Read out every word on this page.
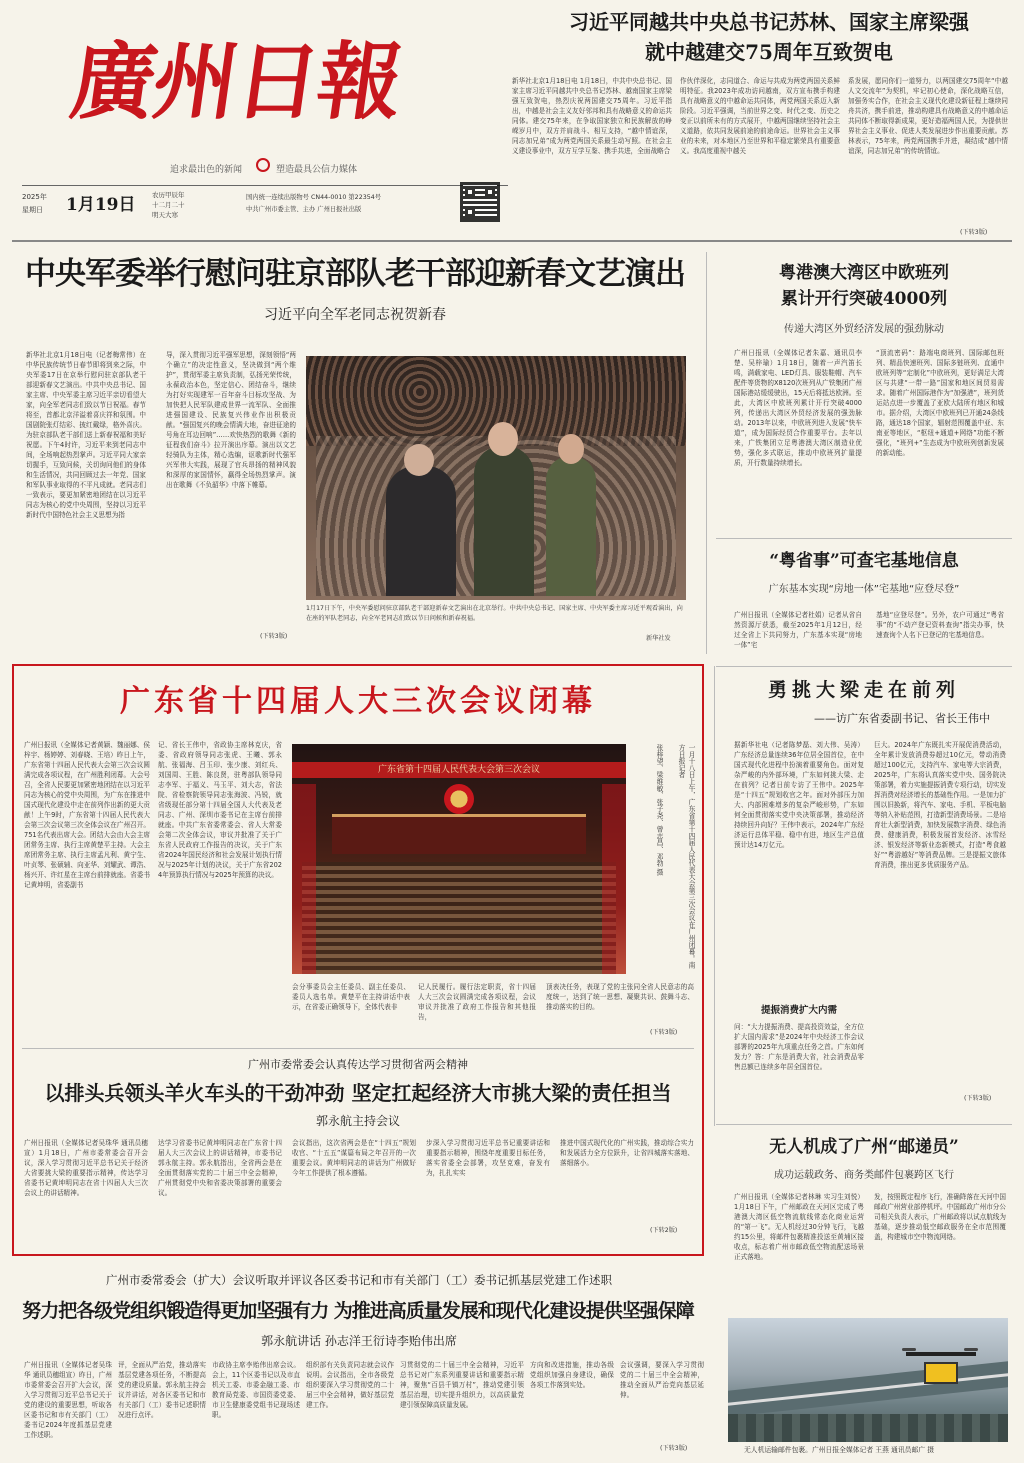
廣州日報
追求最出色的新闻	塑造最具公信力媒体
2025年
星期日 1月19日	农历甲辰年
十二月二十
明天大寒
国内统一连续出版物号 CN44-0010 第22354号
中共广州市委主管、主办 广州日报社出版
习近平同越共中央总书记苏林、国家主席梁强
就中越建交75周年互致贺电
新华社北京1月18日电 1月18日，中共中央总书记、国家主席习近平同越共中央总书记苏林、越南国家主席梁强互致贺电，热烈庆祝两国建交75周年。习近平指出，中越是社会主义友好邻邦和具有战略意义的命运共同体。建交75年来，在争取国家独立和民族解放的峥嵘岁月中，双方并肩战斗、相互支持，“越中情谊深，同志加兄弟”成为两党两国关系最生动写照。在社会主义建设事业中，双方互学互鉴、携手共进，全面战略合
作伙伴深化，志同道合、命运与共成为两党两国关系鲜明特征。我2023年成功访问越南，双方宣布携手构建具有战略意义的中越命运共同体，两党两国关系迈入新阶段。习近平强调，当前世界之变、时代之变、历史之变正以前所未有的方式展开，中越两国继续坚持社会主义道路，依共同发展前途的前途命运。世界社会主义事业的未来，对本地区乃至世界和平稳定繁荣具有重要意义。我高度重视中越关
系发展，愿同你们一道努力，以两国建交75周年“中越人文交流年”为契机，牢记初心使命，深化战略互信，加强务实合作，在社会主义现代化建设新征程上继续同舟共济，携手前进，推动构建具有战略意义的中越命运共同体不断取得新成果，更好造福两国人民，为提供世界社会主义事业、促进人类发展进步作出重要贡献。苏林表示，75年来，两党两国携手并进，凝结成“越中情谊深，同志加兄弟”的传统情谊。
(下转3版)
中央军委举行慰问驻京部队老干部迎新春文艺演出
习近平向全军老同志祝贺新春
新华社北京1月18日电（记者梅常伟）在中华民族传统节日春节即将到来之际，中央军委17日在京举行慰问驻京部队老干部迎新春文艺演出。中共中央总书记、国家主席、中央军委主席习近平亲切看望大家，向全军老同志们致以节日祝福。春节将至，首都北京洋溢着喜庆祥和氛围。中国剧院张灯结彩、披红戴绿，格外喜庆。为驻京部队老干部们送上新春祝福和美好祝愿。下午4时许，习近平来到老同志中间，全场响起热烈掌声。习近平同大家亲切握手，互致问候，关切询问他们的身体和生活情况，共同回顾过去一年党、国家和军队事业取得的不平凡成就。老同志们一致表示，要更加紧密地团结在以习近平同志为核心的党中央周围，坚持以习近平新时代中国特色社会主义思想为指
导，深入贯彻习近平强军思想，深刻领悟“两个确立”的决定性意义，坚决做到“两个维护”，贯彻军委主席负责制，弘扬光荣传统，永葆政治本色，坚定信心、团结奋斗，继续为打好实现建军一百年奋斗目标攻坚战、为加快把人民军队建成世界一流军队、全面推进强国建设、民族复兴伟业作出积极贡献。“强国复兴的晚会情满大地，奋进征途的号角在耳边回响”……欢快热烈的歌舞《新的征程我们奋斗》拉开演出序幕。演出以文艺轻骑队为主体，精心选编，讴歌新时代强军兴军伟大实践，展现了官兵昂扬的精神风貌和深厚的家国情怀，赢得全场热烈掌声。演出在歌舞《不负韶华》中落下帷幕。
(下转3版)
1月17日下午，中央军委慰问驻京部队老干部迎新春文艺演出在北京举行。中共中央总书记、国家主席、中央军委主席习近平观看演出，向在座的军队老同志，向全军老同志们致以节日问候和新春祝福。
新华社发
粤港澳大湾区中欧班列
累计开行突破4000列
传递大湾区外贸经济发展的强劲脉动
广州日报讯（全媒体记者朱嘉、通讯员李楚、吴梓瑜）1月18日，随着一声汽笛长鸣，满载家电、LED灯具、服装鞋帽、汽车配件等货物的X8120次班列从广铁集团广州国际港站缓缓驶出，15天后将抵达欧洲。至此，大湾区中欧班列累计开行突破4000列，传递出大湾区外贸经济发展的强劲脉动。2013年以来，中欧班列进入发展“快车道”，成为国际经贸合作重要平台。去年以来，广铁集团立足粤港澳大湾区制造业优势，强化多式联运，推动中欧班列扩量提质，开行数量持续增长。
“顶流密码”：路端电商班列、国际邮包班列、精品快速班列、国际多链班列、直通中欧班列等“定制化”中欧班列，更好满足大湾区与共建“一带一路”国家和地区间贸易需求。随着广州国际港作为“加强港”，班列货运站点进一步覆盖了亚欧大陆所有地区和城市。据介绍，大湾区中欧班列已开通24条线路，通达18个国家，辐射范围覆盖中亚、东南亚等地区，“枢纽+通道+网络”功能不断强化，“班列+”生态成为中欧班列创新发展的新动能。
“粤省事”可查宅基地信息
广东基本实现“房地一体”宅基地“应登尽登”
广州日报讯（全媒体记者杜娟）记者从省自然资源厅获悉，截至2025年1月12日，经过全省上下共同努力，广东基本实现“房地一体”宅
基地“应登尽登”。另外，农户可通过“粤省事”的“不动产登记资料查询”指尖办事，快速查询个人名下已登记的宅基地信息。
广东省十四届人大三次会议闭幕
广州日报讯（全媒体记者黄颖、魏丽娜、侯梓宇、杨婷婷、刘春晓、王培）昨日上午，广东省第十四届人民代表大会第三次会议圆满完成各项议程，在广州胜利闭幕。大会号召，全省人民要更加紧密地团结在以习近平同志为核心的党中央周围，为广东在推进中国式现代化建设中走在前列作出新的更大贡献！上午9时，广东省第十四届人民代表大会第三次会议第三次全体会议在广州召开。751名代表出席大会。团结大会由大会主席团常务主席、执行主席黄楚平主持。大会主席团常务主席、执行主席孟凡利、黄宁生、叶贞琴、张硕辅、向亚华、刘耀武、谭浩、杨兴开、许红星在主席台前排就座。省委书记黄坤明，省委副书
记、省长王伟中，省政协主席林克庆，省委、省政府领导同志张虎、王曦、郭永航、张福海、吕玉印、张少康、刘红兵、刘国周、王胜、陈良贤，驻粤部队领导同志李军、于福义、马玉平、刘大志，省法院、省检察院领导同志张海波、冯锐，就省级现任部分第十四届全国人大代表及老同志、广州、深圳市委书记在主席台前排就座。中共广东省委常委会、省人大常委会第二次全体会议，审议并批准了关于广东省人民政府工作报告的决议，关于广东省2024年国民经济和社会发展计划执行情况与2025年计划的决议，关于广东省2024年预算执行情况与2025年预算的决议。
广东省第十四届人民代表大会第三次会议	一月十八日上午，广东省第十四届人民代表大会第三次会议在广州闭幕。南方日报记者
张梓望、梁维敏、张子尧、曾志昌、邓勃 摄
会分事委员会主任委员、副主任委员、委员人选名单。黄楚平在主持讲话中表示，在省委正确领导下，全体代表非
记人民履行。履行法定职责，省十四届人大三次会议圆满完成各项议程，会议审议并批准了政府工作报告和其他报告，
顶表决任务，表现了党的主张同全省人民意志的高度统一，达到了统一思想、凝聚共识、鼓舞斗志、推动落实的目的。
(下转3版)
广州市委常委会认真传达学习贯彻省两会精神
以排头兵领头羊火车头的干劲冲劲 坚定扛起经济大市挑大梁的责任担当
郭永航主持会议
广州日报讯（全媒体记者吴珠华 通讯员穗宣）1月18日，广州市委常委会召开会议，深入学习贯彻习近平总书记关于经济大省要挑大梁的重要指示精神，传达学习省委书记黄坤明同志在省十四届人大三次会议上的讲话精神。
达学习省委书记黄坤明同志在广东省十四届人大三次会议上的讲话精神，市委书记郭永航主持。郭永航指出，全省两会是在全面贯彻落实党的二十届三中全会精神，广州贯彻党中央和省委决策部署的重要会议。
会议指出，这次省两会是在“十四五”规划收官、“十五五”谋篇布局之年召开的一次重要会议。黄坤明同志的讲话为广州做好今年工作提供了根本遵循。
步深入学习贯彻习近平总书记重要讲话和重要指示精神，围绕年度重要目标任务，落实省委全会部署，攻坚克难，奋发有为，扎扎实实
推进中国式现代化的广州实践，推动综合实力和发展活力全方位跃升，让省四城落实落地、落细落小。
(下转2版)
勇挑大梁走在前列
——访广东省委副书记、省长王伟中
据新华社电（记者陈梦磊、刘大伟、吴涛）广东经济总量连续36年位居全国首位，在中国式现代化进程中扮演着重要角色。面对复杂严峻的内外部环境，广东如何挑大梁、走在前列？记者日前专访了王伟中。2025年是“十四五”规划收官之年。面对外部压力加大、内部困难增多的复杂严峻形势，广东如何全面贯彻落实党中央决策部署，推动经济持续回升向好？王伟中表示，2024年广东经济运行总体平稳、稳中有进，地区生产总值预计达14万亿元。
提振消费扩大内需
问：“大力提振消费、提高投资效益，全方位扩大国内需求”是2024年中央经济工作会议部署的2025年九项重点任务之首。广东如何发力？答：广东是消费大省，社会消费品零售总额已连续多年居全国首位。
巨大。2024年广东既扎实开展促消费活动，全年累计发放消费券超过10亿元，带动消费超过100亿元，支持汽车、家电等大宗消费，2025年，广东将认真落实党中央、国务院决策部署，着力实施提振消费专项行动，切实发挥消费对经济增长的基础性作用。一是加力扩围以旧换新，将汽车、家电、手机、平板电脑等纳入补贴范围，打造新型消费场景。二是培育壮大新型消费，加快发展数字消费、绿色消费、健康消费，积极发展首发经济、冰雪经济、银发经济等新业态新模式，打造“粤食越好”“粤游越好”等消费品牌。三是提振文旅体育消费，推出更多优质服务产品。
(下转3版)
无人机成了广州“邮递员”
成功运载政务、商务类邮件包裹跨区飞行
广州日报讯（全媒体记者林琳 实习生刘悦）1月18日下午，广州邮政在天河区完成了粤港澳大湾区低空物流航线常态化商业运营的“第一飞”。无人机经过30分钟飞行，飞越约15公里，将邮件包裹精准投送至黄埔区接收点，标志着广州市邮政低空物流配送场景正式落地。
发，按照既定程序飞行，准确降落在天河中国邮政广州营业部停机坪。中国邮政广州市分公司相关负责人表示，广州邮政将以试点航线为基础，逐步推动低空邮政服务在全市范围覆盖，构建城市空中物流网络。
无人机运输邮件包裹。广州日报全媒体记者 王燕 通讯员邮广 摄
广州市委常委会（扩大）会议听取并评议各区委书记和市有关部门（工）委书记抓基层党建工作述职
努力把各级党组织锻造得更加坚强有力 为推进高质量发展和现代化建设提供坚强保障
郭永航讲话 孙志洋王衍诗李贻伟出席
广州日报讯（全媒体记者吴珠华 通讯员穗组宣）昨日，广州市委常委会召开扩大会议，深入学习贯彻习近平总书记关于党的建设的重要思想，听取各区委书记和市有关部门（工）委书记2024年度抓基层党建工作述职。
评，全面从严治党，推动落实基层党建各项任务，不断提高党的建设质量。郭永航主持会议并讲话，对各区委书记和市有关部门（工）委书记述职情况进行点评。
市政协主席李贻伟出席会议。会上，11个区委书记以及市直机关工委、市委金融工委、市教育局党委、市国资委党委、市卫生健康委党组书记现场述职。
组织部有关负责同志就会议作说明。会议指出，全市各级党组织要深入学习贯彻党的二十届三中全会精神，做好基层党建工作。
习贯彻党的二十届三中全会精神，习近平总书记对广东系列重要讲话和重要指示精神，聚焦“百县千镇万村”，推动党建引领基层治理，切实提升组织力，以高质量党建引领保障高质量发展。
方向和改进措施，推动各级党组织加强自身建设，确保各项工作落到实处。
会议强调，要深入学习贯彻党的二十届三中全会精神，推动全面从严治党向基层延伸。
(下转3版)
